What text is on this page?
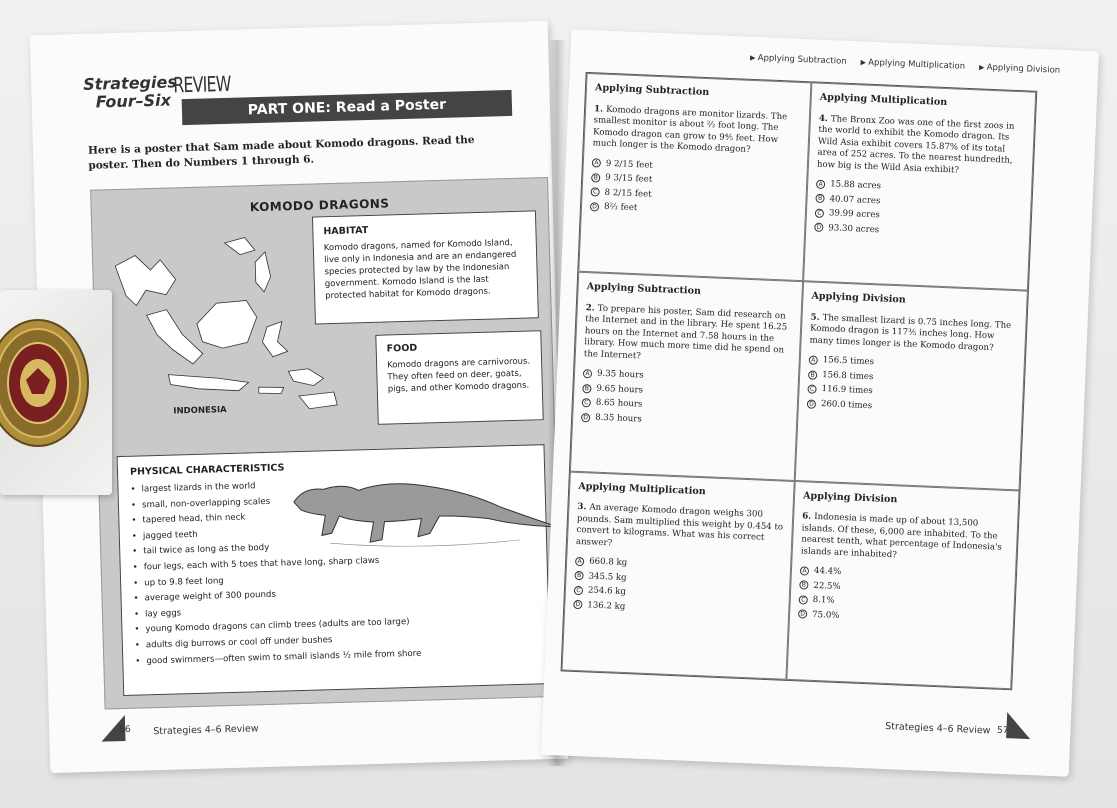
Strategies
Four–Six
REVIEW
PART ONE: Read a Poster
Here is a poster that Sam made about Komodo dragons. Read the poster. Then do Numbers 1 through 6.
KOMODO DRAGONS
INDONESIA
HABITAT
Komodo dragons, named for Komodo Island, live only in Indonesia and are an endangered species protected by law by the Indonesian government. Komodo Island is the last protected habitat for Komodo dragons.
FOOD
Komodo dragons are carnivorous. They often feed on deer, goats, pigs, and other Komodo dragons.
PHYSICAL CHARACTERISTICS
• largest lizards in the world
• small, non-overlapping scales
• tapered head, thin neck
• jagged teeth
• tail twice as long as the body
• four legs, each with 5 toes that have long, sharp claws
• up to 9.8 feet long
• average weight of 300 pounds
• lay eggs
• young Komodo dragons can climb trees (adults are too large)
• adults dig burrows or cool off under bushes
• good swimmers—often swim to small islands ½ mile from shore
56 Strategies 4–6 Review
▶ Applying Subtraction	▶ Applying Multiplication	▶ Applying Division
Applying Subtraction
1. Komodo dragons are monitor lizards. The smallest monitor is about ⅔ foot long. The Komodo dragon can grow to 9⅘ feet. How much longer is the Komodo dragon?
A 9 2/15 feet
B 9 3/15 feet
C 8 2/15 feet
D 8⅔ feet
Applying Multiplication
4. The Bronx Zoo was one of the first zoos in the world to exhibit the Komodo dragon. Its Wild Asia exhibit covers 15.87% of its total area of 252 acres. To the nearest hundredth, how big is the Wild Asia exhibit?
A 15.88 acres
B 40.07 acres
C 39.99 acres
D 93.30 acres
Applying Subtraction
2. To prepare his poster, Sam did research on the Internet and in the library. He spent 16.25 hours on the Internet and 7.58 hours in the library. How much more time did he spend on the Internet?
A 9.35 hours
B 9.65 hours
C 8.65 hours
D 8.35 hours
Applying Division
5. The smallest lizard is 0.75 inches long. The Komodo dragon is 117⅗ inches long. How many times longer is the Komodo dragon?
A 156.5 times
B 156.8 times
C 116.9 times
D 260.0 times
Applying Multiplication
3. An average Komodo dragon weighs 300 pounds. Sam multiplied this weight by 0.454 to convert to kilograms. What was his correct answer?
A 660.8 kg
B 345.5 kg
C 254.6 kg
D 136.2 kg
Applying Division
6. Indonesia is made up of about 13,500 islands. Of these, 6,000 are inhabited. To the nearest tenth, what percentage of Indonesia's islands are inhabited?
A 44.4%
B 22.5%
C 8.1%
D 75.0%
Strategies 4–6 Review 57
